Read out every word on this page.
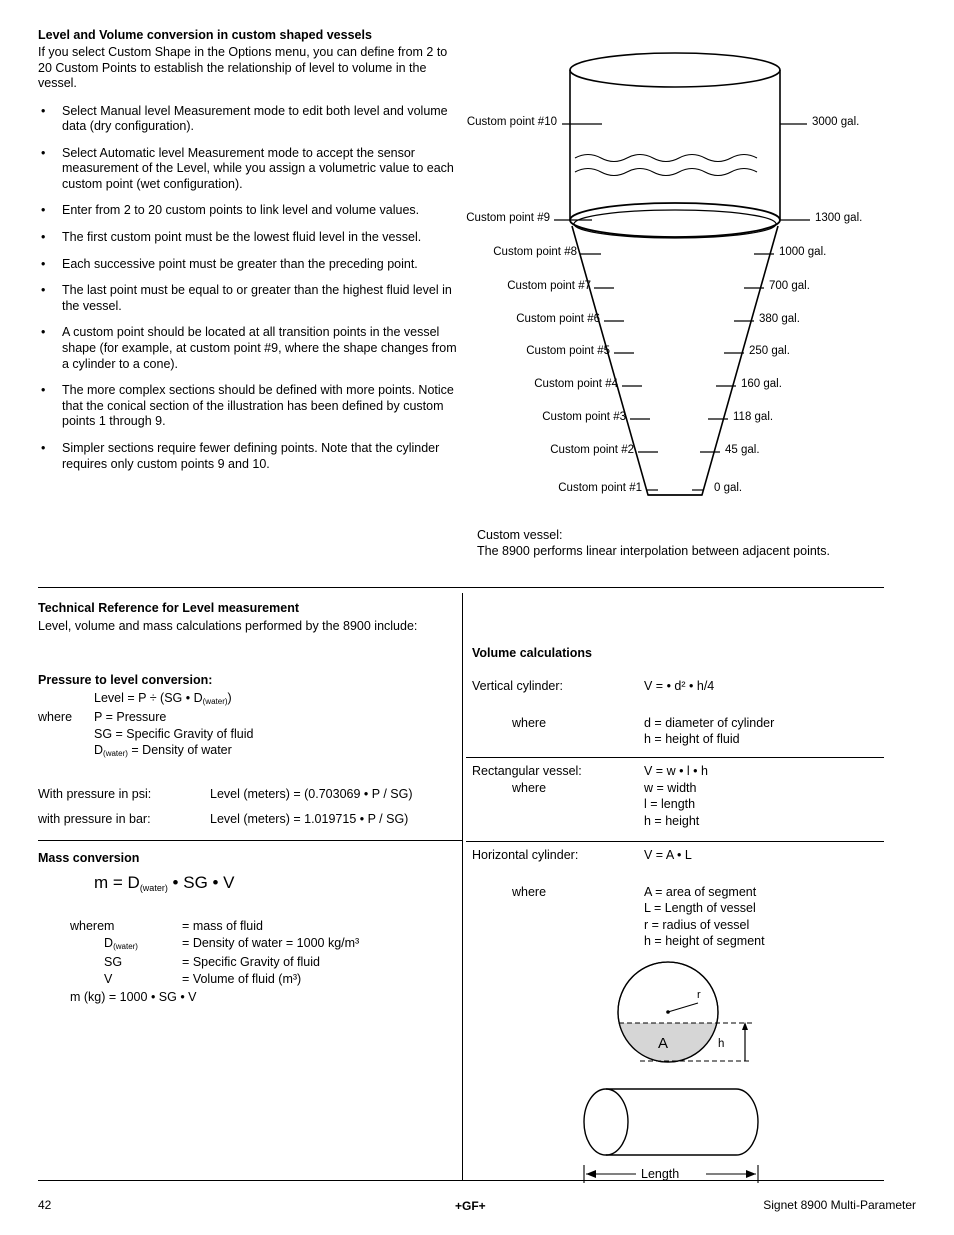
Level and Volume conversion in custom shaped vessels
If you select Custom Shape in the Options menu, you can define from 2 to 20 Custom Points to establish the relationship of level to volume in the vessel.
• Select Manual level Measurement mode to edit both level and volume data (dry configuration).
• Select Automatic level Measurement mode to accept the sensor measurement of the Level, while you assign a volumetric value to each custom point (wet configuration).
• Enter from 2 to 20 custom points to link level and volume values.
• The first custom point must be the lowest fluid level in the vessel.
• Each successive point must be greater than the preceding point.
• The last point must be equal to or greater than the highest fluid level in the vessel.
• A custom point should be located at all transition points in the vessel shape (for example, at custom point #9, where the shape changes from a cylinder to a cone).
• The more complex sections should be defined with more points. Notice that the conical section of the illustration has been defined by custom points 1 through 9.
• Simpler sections require fewer defining points. Note that the cylinder requires only custom points 9 and 10.
Custom point #10
Custom point #9
Custom point #8
Custom point #7
Custom point #6
Custom point #5
Custom point #4
Custom point #3
Custom point #2
Custom point #1
3000 gal.
1300 gal.
1000 gal.
700 gal.
380 gal.
250 gal.
160 gal.
118 gal.
45 gal.
0 gal.
Custom vessel:
The 8900 performs linear interpolation between adjacent points.
Technical Reference for Level measurement
Level, volume and mass calculations performed by the 8900 include:
Pressure to level conversion:
Level = P ÷ (SG • $D_{(water)}$)
where	P = Pressure
	SG = Specific Gravity of fluid
	$D_{(water)}$ = Density of water
With pressure in psi:	Level (meters) = (0.703069 • P / SG)
with pressure in bar:	Level (meters) = 1.019715 • P / SG)
Mass conversion
$m = D_{(water)}$ • SG • V
where	m	= mass of fluid
	$D_{(water)}$	= Density of water = 1000 kg/m³
	SG	= Specific Gravity of fluid
	V	= Volume of fluid (m³)
m (kg) = 1000 • SG • V		
Volume calculations
Vertical cylinder:	V = • d² • h/4
where	d = diameter of cylinder
	h = height of fluid
Rectangular vessel:	V = w • l • h
where	w = width
	l = length
	h = height
Horizontal cylinder:	V = A • L
where	A = area of segment
	L = Length of vessel
	r = radius of vessel
	h = height of segment
r
h
A
Length
42	+GF+	Signet 8900 Multi-Parameter
